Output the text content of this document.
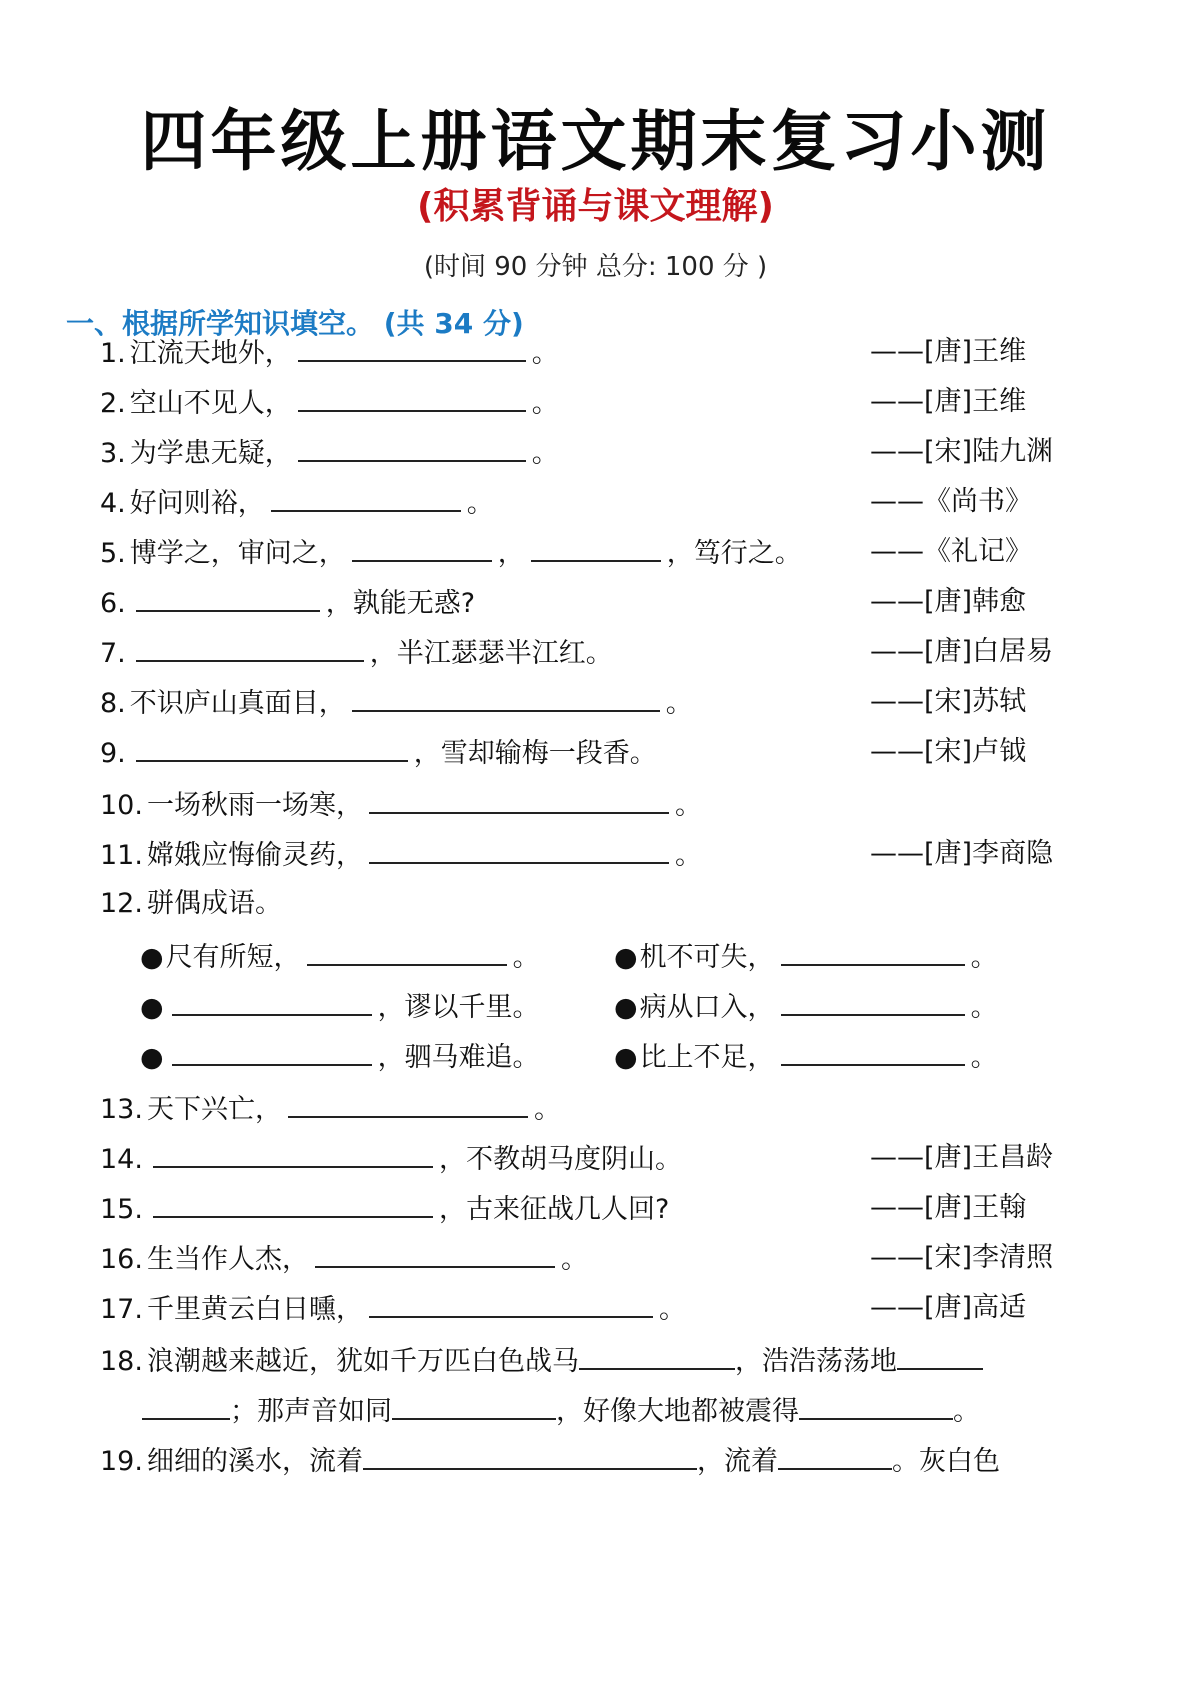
四年级上册语文期末复习小测
(积累背诵与课文理解)
(时间 90 分钟 总分: 100 分 )
一、根据所学知识填空。 (共 34 分)
1. 江流天地外，	。	——[唐]王维
2. 空山不见人，	。	——[唐]王维
3. 为学患无疑，	。	——[宋]陆九渊
4. 好问则裕，	。	——《尚书》
5. 博学之，审问之，	，	，笃行之。	——《礼记》
6.	，孰能无惑?	——[唐]韩愈
7.	，半江瑟瑟半江红。	——[唐]白居易
8. 不识庐山真面目，	。	——[宋]苏轼
9.	，雪却输梅一段香。	——[宋]卢钺
10. 一场秋雨一场寒，	。
11. 嫦娥应悔偷灵药，	。	——[唐]李商隐
12. 骈偶成语。
●尺有所短，	。	●机不可失，	。
●	，谬以千里。	●病从口入，	。
●	，驷马难追。	●比上不足，	。
13. 天下兴亡，	。
14.	，不教胡马度阴山。	——[唐]王昌龄
15.	，古来征战几人回?	——[唐]王翰
16. 生当作人杰，	。	——[宋]李清照
17. 千里黄云白日曛，	。	——[唐]高适
18. 浪潮越来越近，犹如千万匹白色战马	，浩浩荡荡地
；那声音如同	，好像大地都被震得	。
19. 细细的溪水，流着	，流着	。灰白色
